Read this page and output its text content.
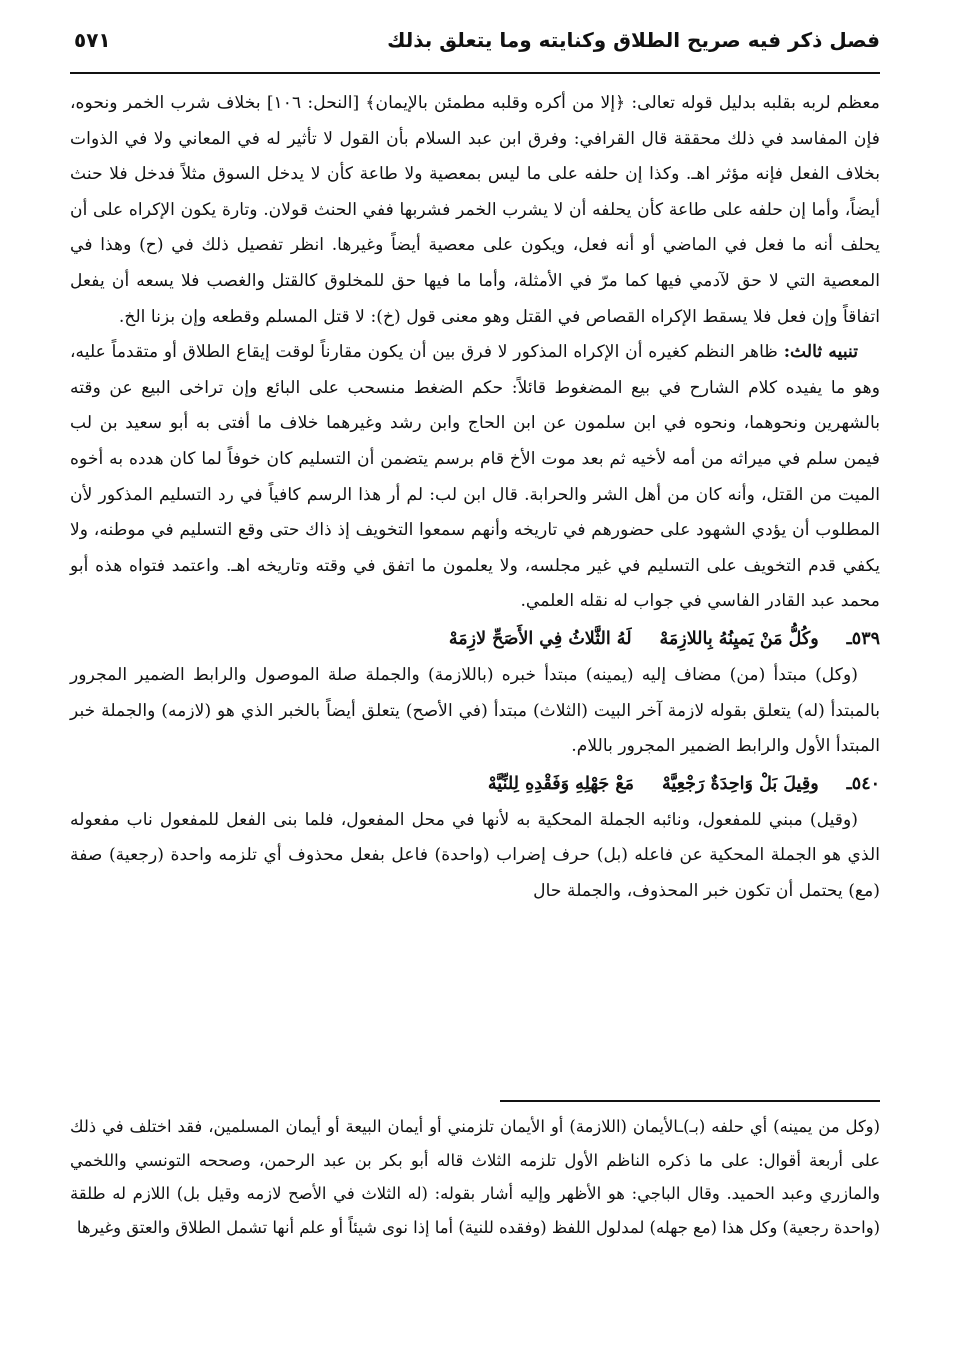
فصل ذكر فيه صريح الطلاق وكنايته وما يتعلق بذلك
٥٧١

معظم لربه بقلبه بدليل قوله تعالى: ﴿إلا من أكره وقلبه مطمئن بالإيمان﴾ [النحل: ١٠٦] بخلاف شرب الخمر ونحوه، فإن المفاسد في ذلك محققة قال القرافي: وفرق ابن عبد السلام بأن القول لا تأثير له في المعاني ولا في الذوات بخلاف الفعل فإنه مؤثر اهـ. وكذا إن حلفه على ما ليس بمعصية ولا طاعة كأن لا يدخل السوق مثلاً فدخل فلا حنث أيضاً، وأما إن حلفه على طاعة كأن يحلفه أن لا يشرب الخمر فشربها ففي الحنث قولان. وتارة يكون الإكراه على أن يحلف أنه ما فعل في الماضي أو أنه فعل، ويكون على معصية أيضاً وغيرها. انظر تفصيل ذلك في (ح) وهذا في المعصية التي لا حق لآدمي فيها كما مرّ في الأمثلة، وأما ما فيها حق للمخلوق كالقتل والغصب فلا يسعه أن يفعل اتفاقاً وإن فعل فلا يسقط الإكراه القصاص في القتل وهو معنى قول (خ): لا قتل المسلم وقطعه وإن بزنا الخ.

تنبيه ثالث: ظاهر النظم كغيره أن الإكراه المذكور لا فرق بين أن يكون مقارناً لوقت إيقاع الطلاق أو متقدماً عليه، وهو ما يفيده كلام الشارح في بيع المضغوط قائلاً: حكم الضغط منسحب على البائع وإن تراخى البيع عن وقته بالشهرين ونحوهما، ونحوه في ابن سلمون عن ابن الحاج وابن رشد وغيرهما خلاف ما أفتى به أبو سعيد بن لب فيمن سلم في ميراثه من أمه لأخيه ثم بعد موت الأخ قام برسم يتضمن أن التسليم كان خوفاً لما كان هدده به أخوه الميت من القتل، وأنه كان من أهل الشر والحرابة. قال ابن لب: لم أر هذا الرسم كافياً في رد التسليم المذكور لأن المطلوب أن يؤدي الشهود على حضورهم في تاريخه وأنهم سمعوا التخويف إذ ذاك حتى وقع التسليم في موطنه، ولا يكفي قدم التخويف على التسليم في غير مجلسه، ولا يعلمون ما اتفق في وقته وتاريخه اهـ. واعتمد فتواه هذه أبو محمد عبد القادر الفاسي في جواب له نقله العلمي.

٥٣٩ـ
وكُلُّ مَنْ يَميِنُهُ بِاللازِمَهْ
لَهُ الثَّلاثُ فِي الأَصَحِّ لازِمَهْ

(وكل) مبتدأ (من) مضاف إليه (يمينه) مبتدأ خبره (باللازمة) والجملة صلة الموصول والرابط الضمير المجرور بالمبتدأ (له) يتعلق بقوله لازمة آخر البيت (الثلاث) مبتدأ (في الأصح) يتعلق أيضاً بالخبر الذي هو (لازمه) والجملة خبر المبتدأ الأول والرابط الضمير المجرور باللام.

٥٤٠ـ
وقِيلَ بَلْ وَاحِدَةٌ رَجْعِيَّهْ
مَعْ جَهْلِهِ وَفَقْدِهِ لِلنِّيَّهْ

(وقيل) مبني للمفعول، ونائبه الجملة المحكية به لأنها في محل المفعول، فلما بنى الفعل للمفعول ناب مفعوله الذي هو الجملة المحكية عن فاعله (بل) حرف إضراب (واحدة) فاعل بفعل محذوف أي تلزمه واحدة (رجعية) صفة (مع) يحتمل أن تكون خبر المحذوف، والجملة حال

(وكل من يمينه) أي حلفه (بـ)ـالأيمان (اللازمة) أو الأيمان تلزمني أو أيمان البيعة أو أيمان المسلمين، فقد اختلف في ذلك على أربعة أقوال: على ما ذكره الناظم الأول تلزمه الثلاث قاله أبو بكر بن عبد الرحمن، وصححه التونسي واللخمي والمازري وعبد الحميد. وقال الباجي: هو الأظهر وإليه أشار بقوله: (له الثلاث في الأصح لازمه وقيل بل) اللازم له طلقة (واحدة رجعية) وكل هذا (مع جهله) لمدلول اللفظ (وفقده للنية) أما إذا نوى شيئاً أو علم أنها تشمل الطلاق والعتق وغيرها
